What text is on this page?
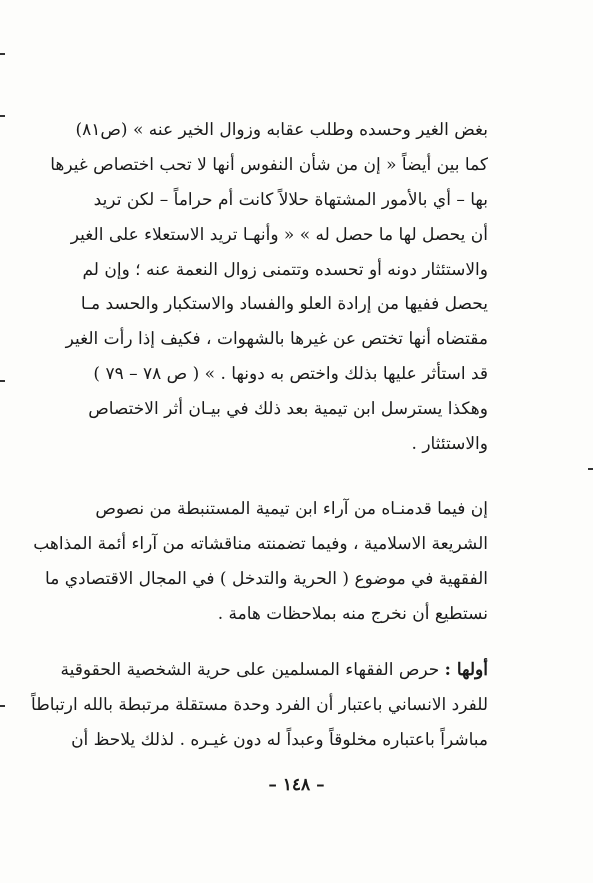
بغض الغير وحسده وطلب عقابه وزوال الخير عنه » (ص٨١)
كما بين أيضاً « إن من شأن النفوس أنها لا تحب اختصاص غيرها
بها – أي بالأمور المشتهاة حلالاً كانت أم حراماً – لكن تريد
أن يحصل لها ما حصل له » « وأنهـا تريد الاستعلاء على الغير
والاستئثار دونه أو تحسده وتتمنى زوال النعمة عنه ؛ وإن لم
يحصل ففيها من إرادة العلو والفساد والاستكبار والحسد مـا
مقتضاه أنها تختص عن غيرها بالشهوات ، فكيف إذا رأت الغير
قد استأثر عليها بذلك واختص به دونها . » ( ص ٧٨ – ٧٩ )
وهكذا يسترسل ابن تيمية بعد ذلك في بيـان أثر الاختصاص
والاستئثار .
إن فيما قدمنـاه من آراء ابن تيمية المستنبطة من نصوص
الشريعة الاسلامية ، وفيما تضمنته مناقشاته من آراء أئمة المذاهب
الفقهية في موضوع ( الحرية والتدخل ) في المجال الاقتصادي ما
نستطيع أن نخرج منه بملاحظات هامة .
أولها : حرص الفقهاء المسلمين على حرية الشخصية الحقوقية
للفرد الانساني باعتبار أن الفرد وحدة مستقلة مرتبطة بالله ارتباطاً
مباشراً باعتباره مخلوقاً وعبداً له دون غيـره . لذلك يلاحظ أن
– ١٤٨ –
